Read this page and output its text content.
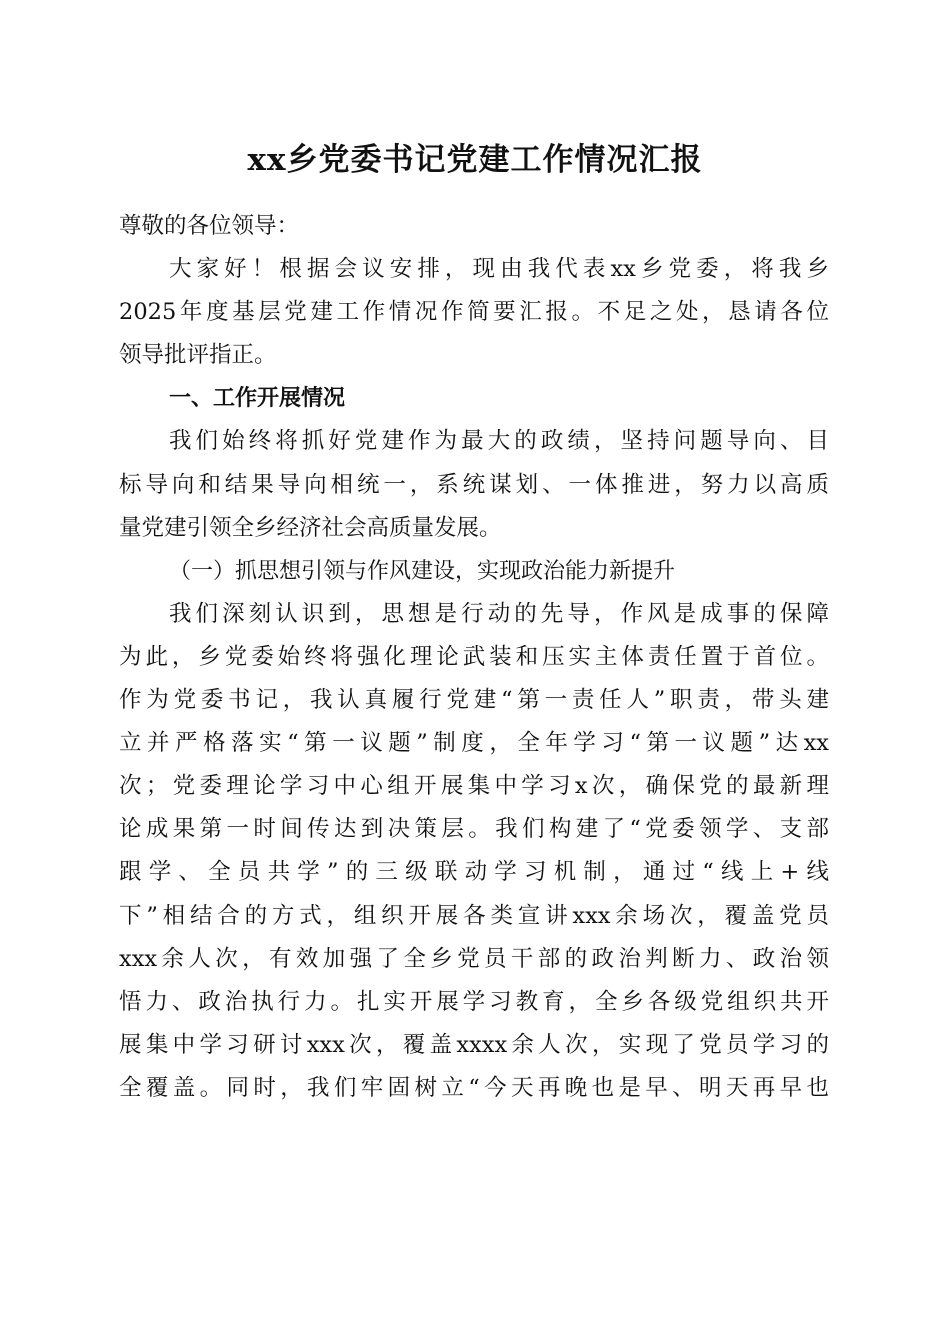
xx乡党委书记党建工作情况汇报
尊敬的各位领导：
大家好！根据会议安排，现由我代表xx乡党委，将我乡
2025年度基层党建工作情况作简要汇报。不足之处，恳请各位
领导批评指正。
一、工作开展情况
我们始终将抓好党建作为最大的政绩，坚持问题导向、目
标导向和结果导向相统一，系统谋划、一体推进，努力以高质
量党建引领全乡经济社会高质量发展。
（一）抓思想引领与作风建设，实现政治能力新提升
我们深刻认识到，思想是行动的先导，作风是成事的保障
为此，乡党委始终将强化理论武装和压实主体责任置于首位。
作为党委书记，我认真履行党建“第一责任人”职责，带头建
立并严格落实“第一议题”制度，全年学习“第一议题”达xx
次；党委理论学习中心组开展集中学习x次，确保党的最新理
论成果第一时间传达到决策层。我们构建了“党委领学、支部
跟学、全员共学”的三级联动学习机制，通过“线上+线
下”相结合的方式，组织开展各类宣讲xxx余场次，覆盖党员
xxx余人次，有效加强了全乡党员干部的政治判断力、政治领
悟力、政治执行力。扎实开展学习教育，全乡各级党组织共开
展集中学习研讨xxx次，覆盖xxxx余人次，实现了党员学习的
全覆盖。同时，我们牢固树立“今天再晚也是早、明天再早也
